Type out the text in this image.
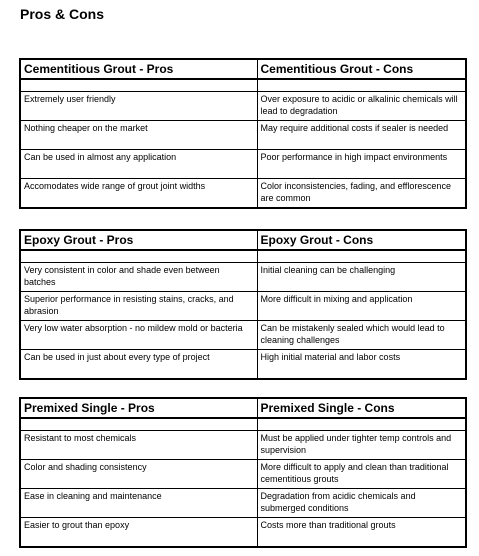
Pros & Cons
Cementitious Grout - Pros	Cementitious Grout - Cons

Extremely user friendly	Over exposure to acidic or alkalinic chemicals will lead to degradation
Nothing cheaper on the market	May require additional costs if sealer is needed
Can be used in almost any application	Poor performance in high impact environments
Accomodates wide range of grout joint widths	Color inconsistencies, fading, and efflorescence are common
Epoxy Grout - Pros	Epoxy Grout - Cons

Very consistent in color and shade even between batches	Initial cleaning can be challenging
Superior performance in resisting stains, cracks, and abrasion	More difficult in mixing and application
Very low water absorption - no mildew mold or bacteria	Can be mistakenly sealed which would lead to cleaning challenges
Can be used in just about every type of project	High initial material and labor costs
Premixed Single - Pros	Premixed Single - Cons

Resistant to most chemicals	Must be applied under tighter temp controls and supervision
Color and shading consistency	More difficult to apply and clean than traditional cementitious grouts
Ease in cleaning and maintenance	Degradation from acidic chemicals and submerged conditions
Easier to grout than epoxy	Costs more than traditional grouts
